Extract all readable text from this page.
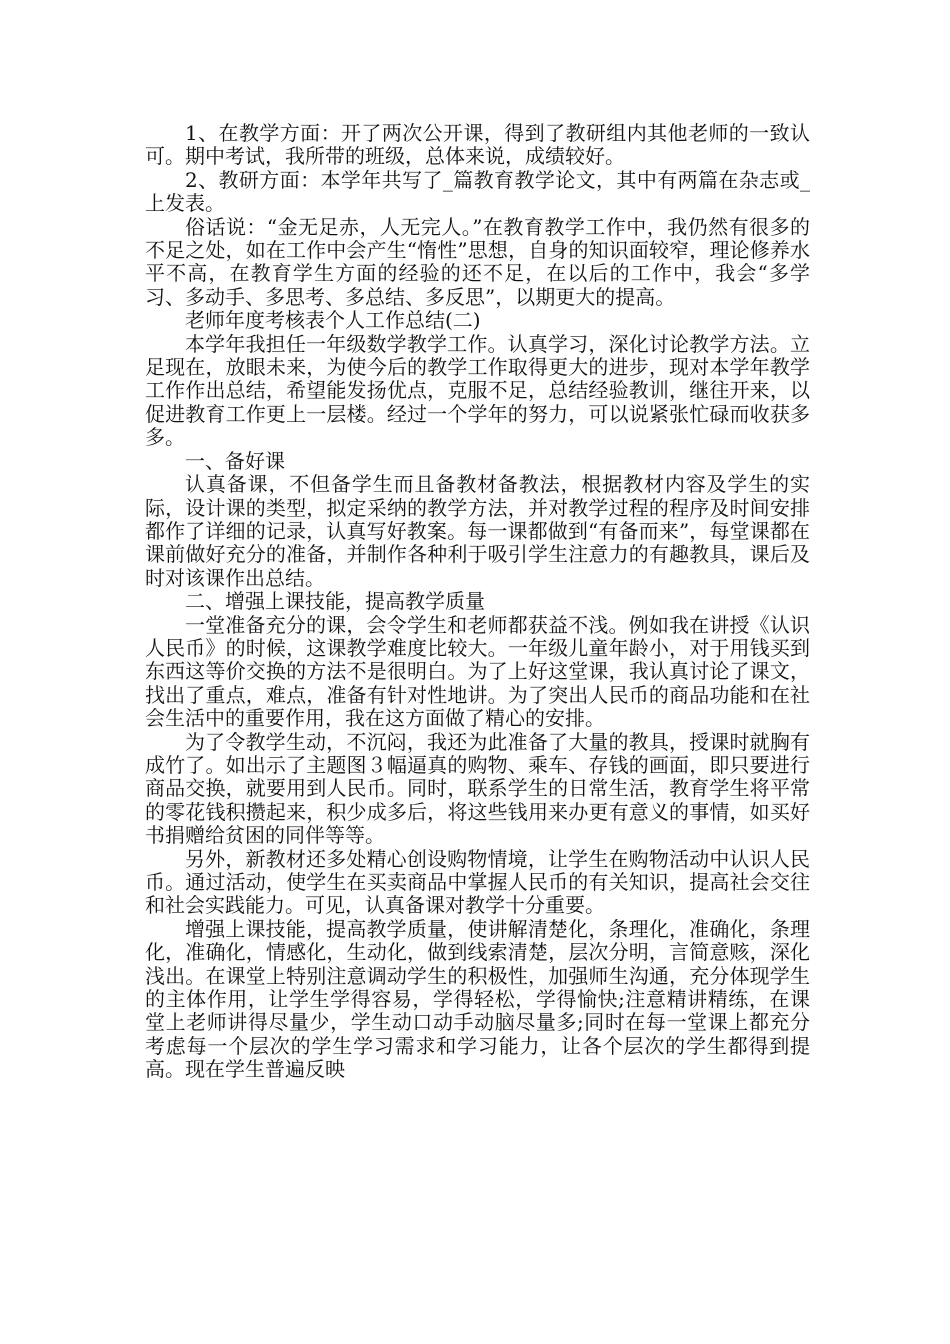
1、在教学方面：开了两次公开课，得到了教研组内其他老师的一致认可。期中考试，我所带的班级，总体来说，成绩较好。

2、教研方面：本学年共写了_篇教育教学论文，其中有两篇在杂志或_上发表。

俗话说：“金无足赤，人无完人。”在教育教学工作中，我仍然有很多的不足之处，如在工作中会产生“惰性”思想，自身的知识面较窄，理论修养水平不高，在教育学生方面的经验的还不足，在以后的工作中，我会“多学习、多动手、多思考、多总结、多反思”，以期更大的提高。

老师年度考核表个人工作总结(二)

本学年我担任一年级数学教学工作。认真学习，深化讨论教学方法。立足现在，放眼未来，为使今后的教学工作取得更大的进步，现对本学年教学工作作出总结，希望能发扬优点，克服不足，总结经验教训，继往开来，以促进教育工作更上一层楼。经过一个学年的努力，可以说紧张忙碌而收获多多。

一、备好课

认真备课，不但备学生而且备教材备教法，根据教材内容及学生的实际，设计课的类型，拟定采纳的教学方法，并对教学过程的程序及时间安排都作了详细的记录，认真写好教案。每一课都做到“有备而来”，每堂课都在课前做好充分的准备，并制作各种利于吸引学生注意力的有趣教具，课后及时对该课作出总结。

二、增强上课技能，提高教学质量

一堂准备充分的课，会令学生和老师都获益不浅。例如我在讲授《认识人民币》的时候，这课教学难度比较大。一年级儿童年龄小，对于用钱买到东西这等价交换的方法不是很明白。为了上好这堂课，我认真讨论了课文，找出了重点，难点，准备有针对性地讲。为了突出人民币的商品功能和在社会生活中的重要作用，我在这方面做了精心的安排。

为了令教学生动，不沉闷，我还为此准备了大量的教具，授课时就胸有成竹了。如出示了主题图３幅逼真的购物、乘车、存钱的画面，即只要进行商品交换，就要用到人民币。同时，联系学生的日常生活，教育学生将平常的零花钱积攒起来，积少成多后，将这些钱用来办更有意义的事情，如买好书捐赠给贫困的同伴等等。

另外，新教材还多处精心创设购物情境，让学生在购物活动中认识人民币。通过活动，使学生在买卖商品中掌握人民币的有关知识，提高社会交往和社会实践能力。可见，认真备课对教学十分重要。

增强上课技能，提高教学质量，使讲解清楚化，条理化，准确化，条理化，准确化，情感化，生动化，做到线索清楚，层次分明，言简意赅，深化浅出。在课堂上特别注意调动学生的积极性，加强师生沟通，充分体现学生的主体作用，让学生学得容易，学得轻松，学得愉快;注意精讲精练，在课堂上老师讲得尽量少，学生动口动手动脑尽量多;同时在每一堂课上都充分考虑每一个层次的学生学习需求和学习能力，让各个层次的学生都得到提高。现在学生普遍反映
